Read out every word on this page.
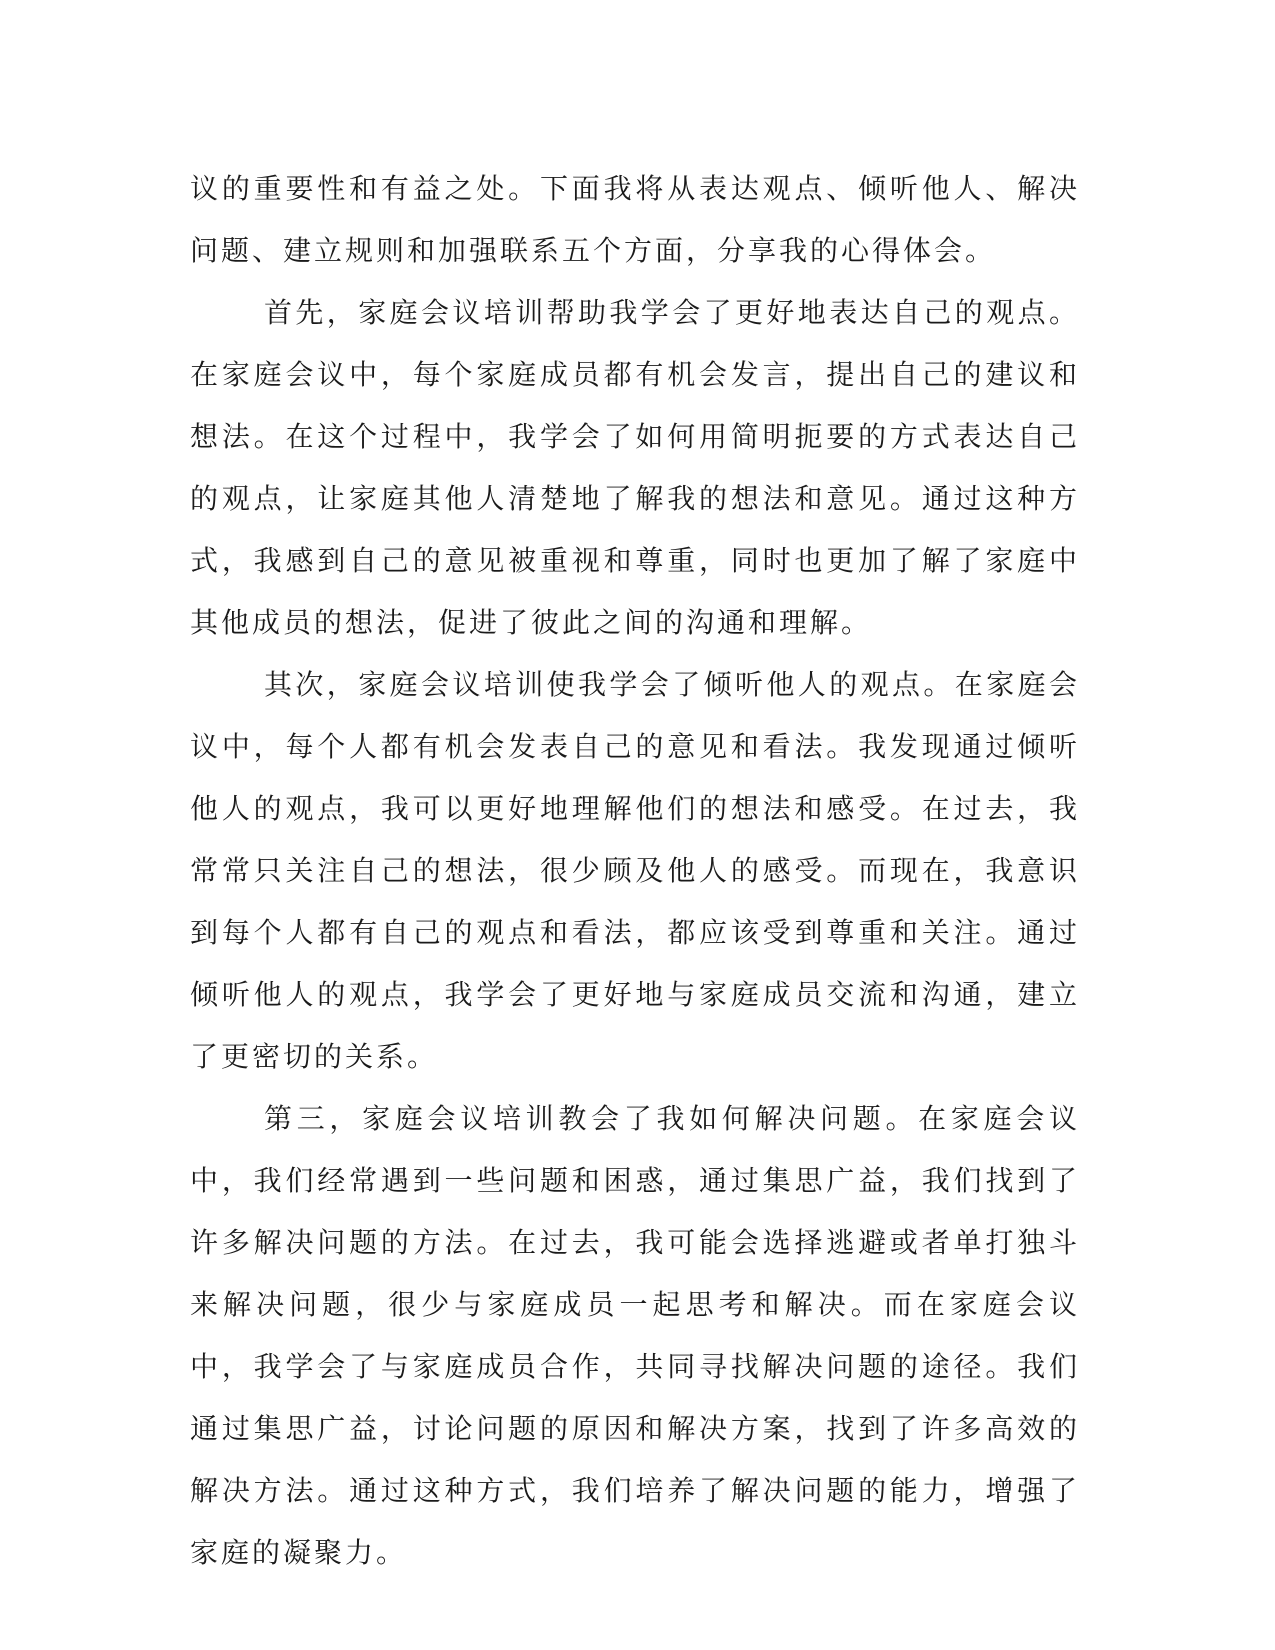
议的重要性和有益之处。下面我将从表达观点、倾听他人、解决问题、建立规则和加强联系五个方面，分享我的心得体会。

首先，家庭会议培训帮助我学会了更好地表达自己的观点。在家庭会议中，每个家庭成员都有机会发言，提出自己的建议和想法。在这个过程中，我学会了如何用简明扼要的方式表达自己的观点，让家庭其他人清楚地了解我的想法和意见。通过这种方式，我感到自己的意见被重视和尊重，同时也更加了解了家庭中其他成员的想法，促进了彼此之间的沟通和理解。

其次，家庭会议培训使我学会了倾听他人的观点。在家庭会议中，每个人都有机会发表自己的意见和看法。我发现通过倾听他人的观点，我可以更好地理解他们的想法和感受。在过去，我常常只关注自己的想法，很少顾及他人的感受。而现在，我意识到每个人都有自己的观点和看法，都应该受到尊重和关注。通过倾听他人的观点，我学会了更好地与家庭成员交流和沟通，建立了更密切的关系。

第三，家庭会议培训教会了我如何解决问题。在家庭会议中，我们经常遇到一些问题和困惑，通过集思广益，我们找到了许多解决问题的方法。在过去，我可能会选择逃避或者单打独斗来解决问题，很少与家庭成员一起思考和解决。而在家庭会议中，我学会了与家庭成员合作，共同寻找解决问题的途径。我们通过集思广益，讨论问题的原因和解决方案，找到了许多高效的解决方法。通过这种方式，我们培养了解决问题的能力，增强了家庭的凝聚力。
